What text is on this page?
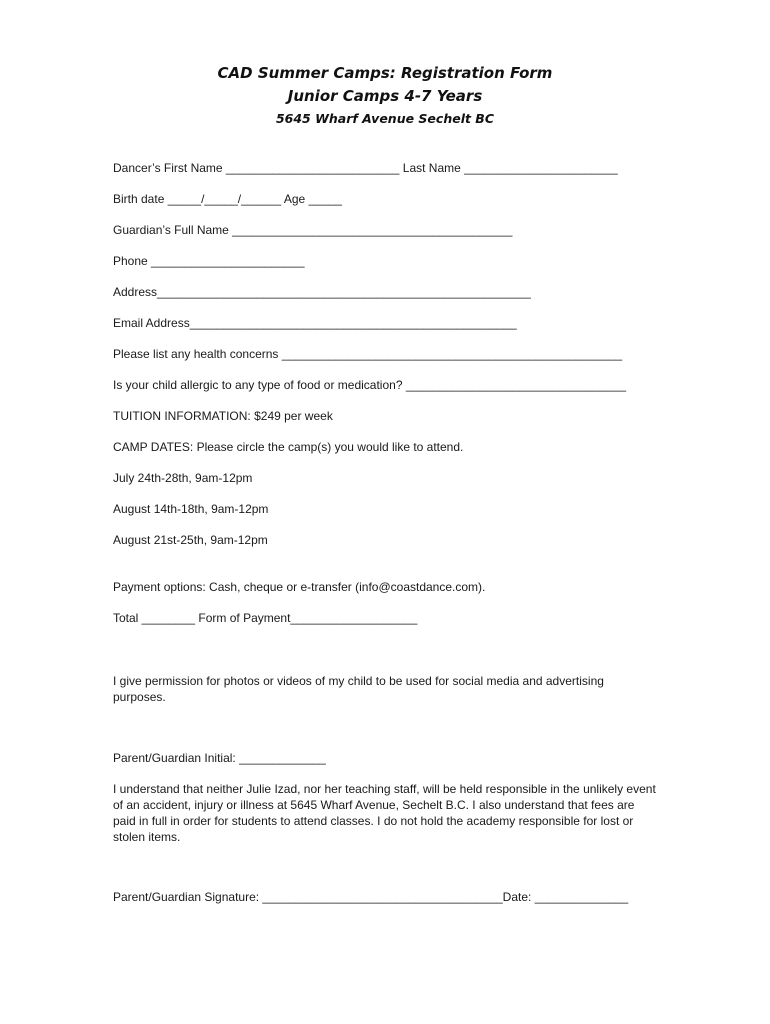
CAD Summer Camps: Registration Form
Junior Camps 4-7 Years
5645 Wharf Avenue Sechelt BC
Dancer’s First Name __________________________ Last Name _______________________
Birth date _____/_____/______ Age _____
Guardian’s Full Name __________________________________________
Phone _______________________
Address________________________________________________________
Email Address_________________________________________________
Please list any health concerns ___________________________________________________
Is your child allergic to any type of food or medication? _________________________________
TUITION INFORMATION: $249 per week
CAMP DATES: Please circle the camp(s) you would like to attend.
July 24th-28th, 9am-12pm
August 14th-18th, 9am-12pm
August 21st-25th, 9am-12pm
Payment options: Cash, cheque or e-transfer (info@coastdance.com).
Total ________ Form of Payment___________________
I give permission for photos or videos of my child to be used for social media and advertising purposes.
Parent/Guardian Initial: _____________
I understand that neither Julie Izad, nor her teaching staff, will be held responsible in the unlikely event of an accident, injury or illness at 5645 Wharf Avenue, Sechelt B.C. I also understand that fees are paid in full in order for students to attend classes. I do not hold the academy responsible for lost or stolen items.
Parent/Guardian Signature: ____________________________________Date: ______________
